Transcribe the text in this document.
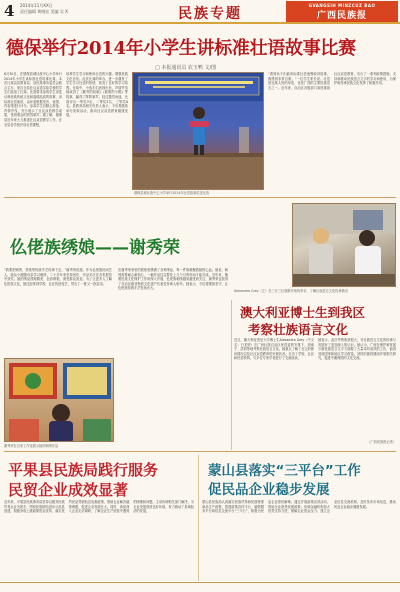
4 2014年11月XX日
责任编辑 黄晓宏 美编 吴 X	民族专题
GVANGSIH MINZCUZ BAO
广西民族报
德保举行2014年小学生讲标准壮语故事比赛
□ 本报通讯员 农玉鸭 文/图
6月30日，在德保县城壮族中心小学举行2014年小学生讲标准壮语故事比赛。本次比赛由县教育局、县民族事务委员会联合主办，来自全县壮汉双语实验学校的学生们参加了比赛。比赛要求参赛学生讲述反映民族传统文化和道德品质的故事，用标准壮语演讲，由评委根据发音、表情、内容等进行评分。参赛学生们精心准备，声情并茂，充分展示了壮汉双语教学成果，受到观众的热烈掌声。据了解，德保县近年来大力推进壮汉双语教学工作，在全县各学校开设壮语课程，
培养学生学习和使用壮语的兴趣，增强民族文化自信。此次比赛的举办，进一步激发了学生学习壮语的热情，营造了良好的学习氛围。比赛中，小选手们表现出色，声情并茂地演讲了《勤劳的姑娘》《聪明的小猴》等故事，赢得了阵阵掌声。经过激烈角逐，比赛评出一等奖3名、二等奖5名、三等奖8名。县教育局相关负责人表示，今后将继续举办类似活动，推动壮汉双语教育健康发展。
“看到孩子们能用标准壮语流利地讲故事，我感到非常自豪。”一位学生家长说。壮语是壮族人民的母语，也是广西的主要民族语言之一。近年来，自治区各级部门高度重视壮汉双语教育，出台了一系列政策措施，支持和推动民族语言文字的学习和使用，为保护和传承民族文化发挥了积极作用。
德保县城壮族中心小学举行2014年壮语故事讲述比赛
仫佬族绣娘——谢秀荣
Alexandra Grey（左）在三月三壮族歌圩现场采访，了解壮族语言文化传承情况
“我要把刺绣、剪纸等传统手艺传承下去。”谢秀荣说道。作为仫佬族民间艺人，她从小跟随母亲学习刺绣，二十多年来坚持创作，作品多次在各类展览中获奖。她的绣品图案精美、色彩鲜艳，深受群众喜爱。为了让更多人了解仫佬族文化，她还经常到学校、社区传授技艺，带出了一批又一批徒弟。
谢秀荣在自家工作室展示她的刺绣作品
在谢秀荣家里的展柜里摆满了各种绣品，每一件都凝聚着她的心血。她说，刺绣需要耐心和细心，一幅作品往往要花上几个月的时间才能完成。近年来，随着民族文化保护工作的深入开展，仫佬族刺绣越来越受到关注，谢秀荣也获得了自治区级非物质文化遗产代表性传承人称号。她表示，今后将继续坚守，让仫佬族传统手艺发扬光大。
澳大利亚博士生到我区
考察壮族语言文化
近日，澳大利亚悉尼大学博士生Alexandra Grey（中文名：白龙婷）在广西壮族自治区民语委的安排下，到南宁、武鸣等地考察壮族语言文化。她重点了解了壮文的使用情况以及壮汉双语教育的开展状况，走访了学校、社区和民语机构，与多位专家学者进行了交流座谈。
她表示，此次考察收获很大，对壮族语言文化的传承与发展有了更加深入的认识。她认为，广西在保护和发展少数民族语言文字方面做了大量卓有成效的工作，值得其他国家和地区学习借鉴。回国后她将继续开展相关研究，促进中澳两国的文化交流。
（广西民族报记者）
平果县民族局践行服务
民贸企业成效显著
近年来，平果县民族事务局坚持以服务民族贸易企业为抓手，围绕民族团结进步示范县创建，积极争取上级政策资金扶持，落实民贸民品贷款贴息优惠政策，帮助企业解决融资难题，促进企业发展壮大。同时，该局深入企业走访调研，了解企业生产经营中遇到的困难和问题，主动协调相关部门解决，为企业发展营造良好环境，有力推动了县域经济的发展。
蒙山县落实“三平台”工作
促民品企业稳步发展
蒙山县民族局认真落实民族贸易和民族特需商品生产政策，搭建政策宣传平台、融资服务平台和信息交流平台“三平台”，积极为民品企业排忧解难。通过开展政策宣讲活动，帮助企业熟悉优惠政策；协调金融机构加大信贷支持力度，缓解企业资金压力；建立企业信息交流机制，及时发布市场信息，推动民品企业稳步健康发展。
